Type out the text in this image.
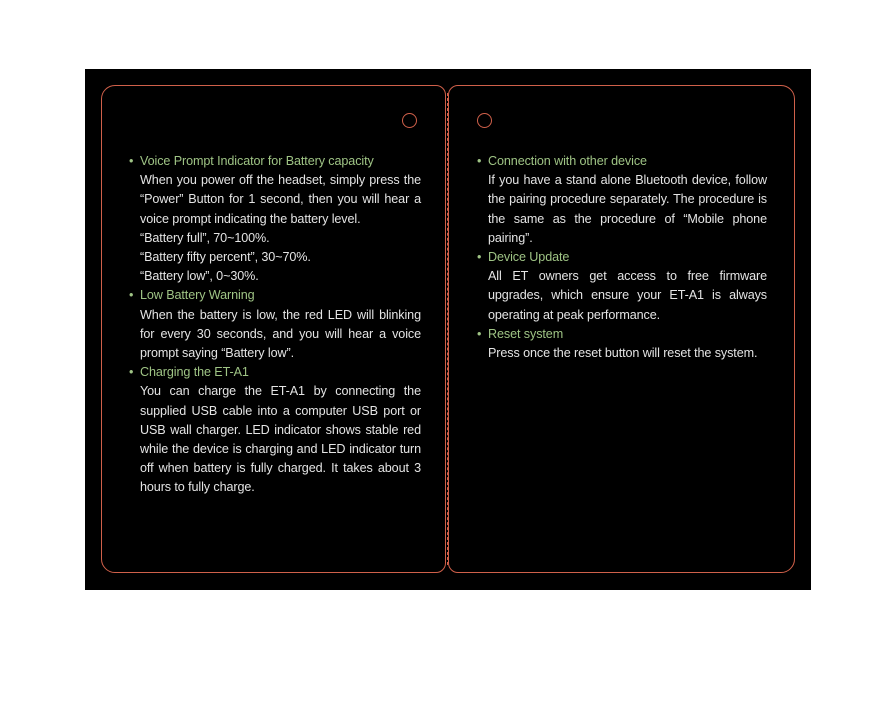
• Voice Prompt Indicator for Battery capacity

When you power off the headset, simply press the “Power” Button for 1 second, then you will hear a voice prompt indicating the battery level.

“Battery full”, 70~100%.

“Battery fifty percent”, 30~70%.

“Battery low”, 0~30%.

• Low Battery Warning

When the battery is low, the red LED will blinking for every 30 seconds, and you will hear a voice prompt saying “Battery low”.

• Charging the ET-A1

You can charge the ET-A1 by connecting the supplied USB cable into a computer USB port or USB wall charger. LED indicator shows stable red while the device is charging and LED indicator turn off when battery is fully charged. It takes about 3 hours to fully charge.

• Connection with other device

If you have a stand alone Bluetooth device, follow the pairing procedure separately. The procedure is the same as the procedure of “Mobile phone pairing”.

• Device Update

All ET owners get access to free firmware upgrades, which ensure your ET-A1 is always operating at peak performance.

• Reset system

Press once the reset button will reset the system.
